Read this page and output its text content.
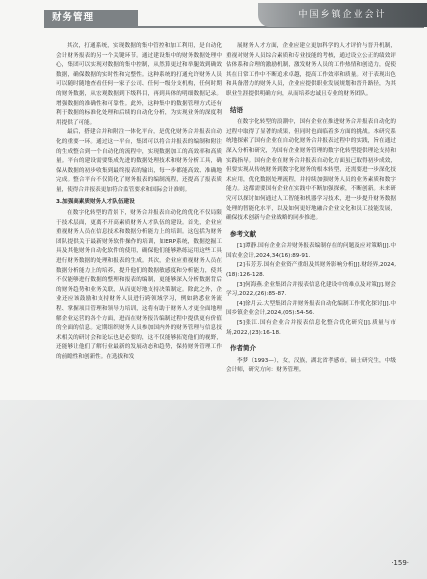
财务管理	中国乡镇企业会计

其次，打通系统，实现数据的集中管控和加工利用，是自动化会计财务报表的另一个关键环节。通过建设集中的财务数据处理中心，集团可以实现对数据的集中控制，从然算更过和举腿效到确效数据，确保数据的实时性和完整性。这种系统的打通允许财务人员可以随时随地查看任何一家子公司、任何一级分支机构，任何时期的财务数据，从宏观数据到下级科目，再到具体的明细数据记录。增强数据的准确性和可靠性。此外，这种集中的数据管理方式还有利于数据的标准化处理和后续的自动化分析，为实现业务的深度利用提供了可能。

最后，搭建合并和附注一体化平台，是优化财务合并报表自动化的重要一环。通过这一平台，集团可以将合并报表的编制和附注的生成整合到一个自动化的流程中，实现数据加工的高效率和高质量。平台的建设需要集成先进的数据处理技术和财务分析工具，确保从数据的初步收集到最终报表的输出，每一步都能高效、准确地完成。整合平台不仅简化了财务报表的编制流程，还提高了报表质量，使得合并报表更加符合监管要求和国际会计准则。

3.加强高素质财务人才队伍建设

在数字化转型的背景下，财务合并报表自动化的优化不仅局限于技术层面，更离不开高素质财务人才队伍的建设。首先，企业应重视财务人员在信息技术和数据分析能力上的培训。这包括为财务团队提供关于最新财务软件操作的培训，如ERP系统，数据挖掘工具及其他财务自动化软件的使用，确保他们能够熟练运用这些工具进行财务数据的处理和报表的生成。其次，企业应重视财务人员在数据分析能力上的培养，提升他们的数据敏感度和分析能力，使其不仅能够进行数据的整理和报表的编制，更能够深入分析数据背后的财务趋势和业务关联，从而更好地支持决策制定。除此之外，企业还应该鼓励和支持财务人员进行跨领域学习，例如熟悉业务流程、掌握项目管理和领导力培训，这将有助于财务人才更全面地理解企业运营的各个方面，进而在财务报告编制过程中提供更有价值的全面的信息。定期组织财务人员参加国内外的财务管理与信息技术相关的研讨会和论坛也是必要的，这不仅能够拓宽他们的视野，还能够让他们了解行业最新的发展动态和趋势，保持财务管理工作的前瞻性和创新性。在选拔和发

展财务人才方面，企业应建立更加科学的人才评价与晋升机制，重视对财务人员综合素质和专业技能的考核，通过设立公正的绩效评估体系和合理的激励机制，激发财务人员的工作热情和创造力，促使其在日常工作中不断追求卓越，提高工作效率和质量。对于表现出色和具备潜力的财务人员，企业应提供职业发展规划和晋升路径，为其职业生涯提供明确方向，从而培养忠诚且专业的财务团队。

结语

在数字化转型的浪潮中，国有企业在推进财务合并报表自动化的过程中取得了显著的成果，但同时也面临着多方面的挑战。本研究系统地探索了国有企业在自动化财务合并报表过程中的实践，旨在通过深入分析和研究，为国有企业财务管理的数字化转型提供理论支持和实践指导。国有企业在财务合并报表自动化方面虽已取得初步成效，但要实现从传统财务到数字化财务的根本转型，还需要进一步深化技术应用，优化数据处理流程，并持续加强财务人员的业务素质和数字能力。这都需要国有企业在实践中不断加强探索，不断创新。未来研究可以探讨如何通过人工智能和机器学习技术，进一步提升财务数据处理的智能化水平，以及如何更好地融合企业文化和员工技能发展，确保技术创新与企业战略的同步推进。

参考文献

[1]谭静.国有企业合并财务报表编制存在的问题及应对策略[J].中国农业会计,2024,34(16):89-91.

[2]韦芳芳.国有企业资产重组及其财务影响分析[J].财经界,2024,(18):126-128.

[3]何海燕.企业集团合并报表信息化建设中的难点及对策[J].财会学习,2022,(26):85-87.

[4]徐月云.大型集团合并财务报表自动化编制工作优化探讨[J].中国乡镇企业会计,2024,(05):54-56.

[5]张江.国有企业合并报表信息化整合优化研究[J].质量与市场,2022,(23):16-18.

作者简介

李梦（1993—），女，汉族，湖北省孝感市，硕士研究生，中级会计师，研究方向：财务管理。

·159·
